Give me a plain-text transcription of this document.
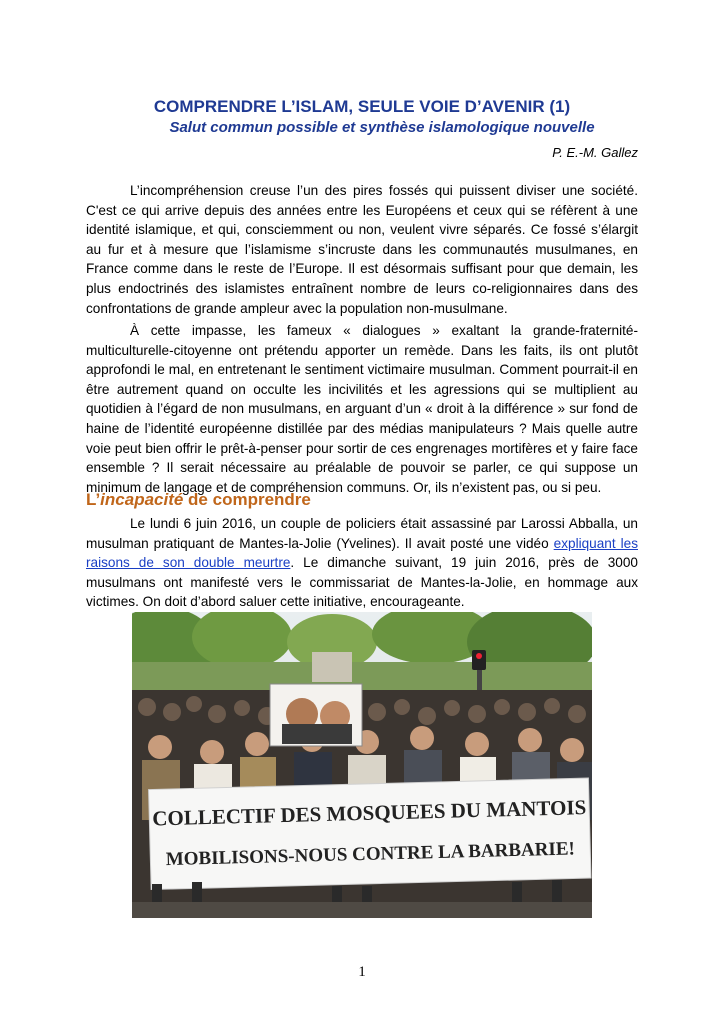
COMPRENDRE L’ISLAM, SEULE VOIE D’AVENIR (1)
Salut commun possible et synthèse islamologique nouvelle
P. E.-M. Gallez

L’incompréhension creuse l’un des pires fossés qui puissent diviser une société. C'est ce qui arrive depuis des années entre les Européens et ceux qui se réfèrent à une identité islamique, et qui, consciemment ou non, veulent vivre séparés. Ce fossé s’élargit au fur et à mesure que l’islamisme s’incruste dans les communautés musulmanes, en France comme dans le reste de l’Europe. Il est désormais suffisant pour que demain, les plus endoctrinés des islamistes entraînent nombre de leurs co-religionnaires dans des confrontations de grande ampleur avec la population non-musulmane.

À cette impasse, les fameux « dialogues » exaltant la grande-fraternité-multiculturelle-citoyenne ont prétendu apporter un remède. Dans les faits, ils ont plutôt approfondi le mal, en entretenant le sentiment victimaire musulman. Comment pourrait-il en être autrement quand on occulte les incivilités et les agressions qui se multiplient au quotidien à l’égard de non musulmans, en arguant d’un « droit à la différence » sur fond de haine de l’identité européenne distillée par des médias manipulateurs ? Mais quelle autre voie peut bien offrir le prêt-à-penser pour sortir de ces engrenages mortifères et y faire face ensemble ? Il serait nécessaire au préalable de pouvoir se parler, ce qui suppose un minimum de langage et de compréhension communs. Or, ils n’existent pas, ou si peu.

L’incapacité de comprendre

Le lundi 6 juin 2016, un couple de policiers était assassiné par Larossi Abballa, un musulman pratiquant de Mantes-la-Jolie (Yvelines). Il avait posté une vidéo expliquant les raisons de son double meurtre. Le dimanche suivant, 19 juin 2016, près de 3000 musulmans ont manifesté vers le commissariat de Mantes-la-Jolie, en hommage aux victimes. On doit d’abord saluer cette initiative, encourageante.

COLLECTIF DES MOSQUEES DU MANTOIS
MOBILISONS-NOUS CONTRE LA BARBARIE!
1
